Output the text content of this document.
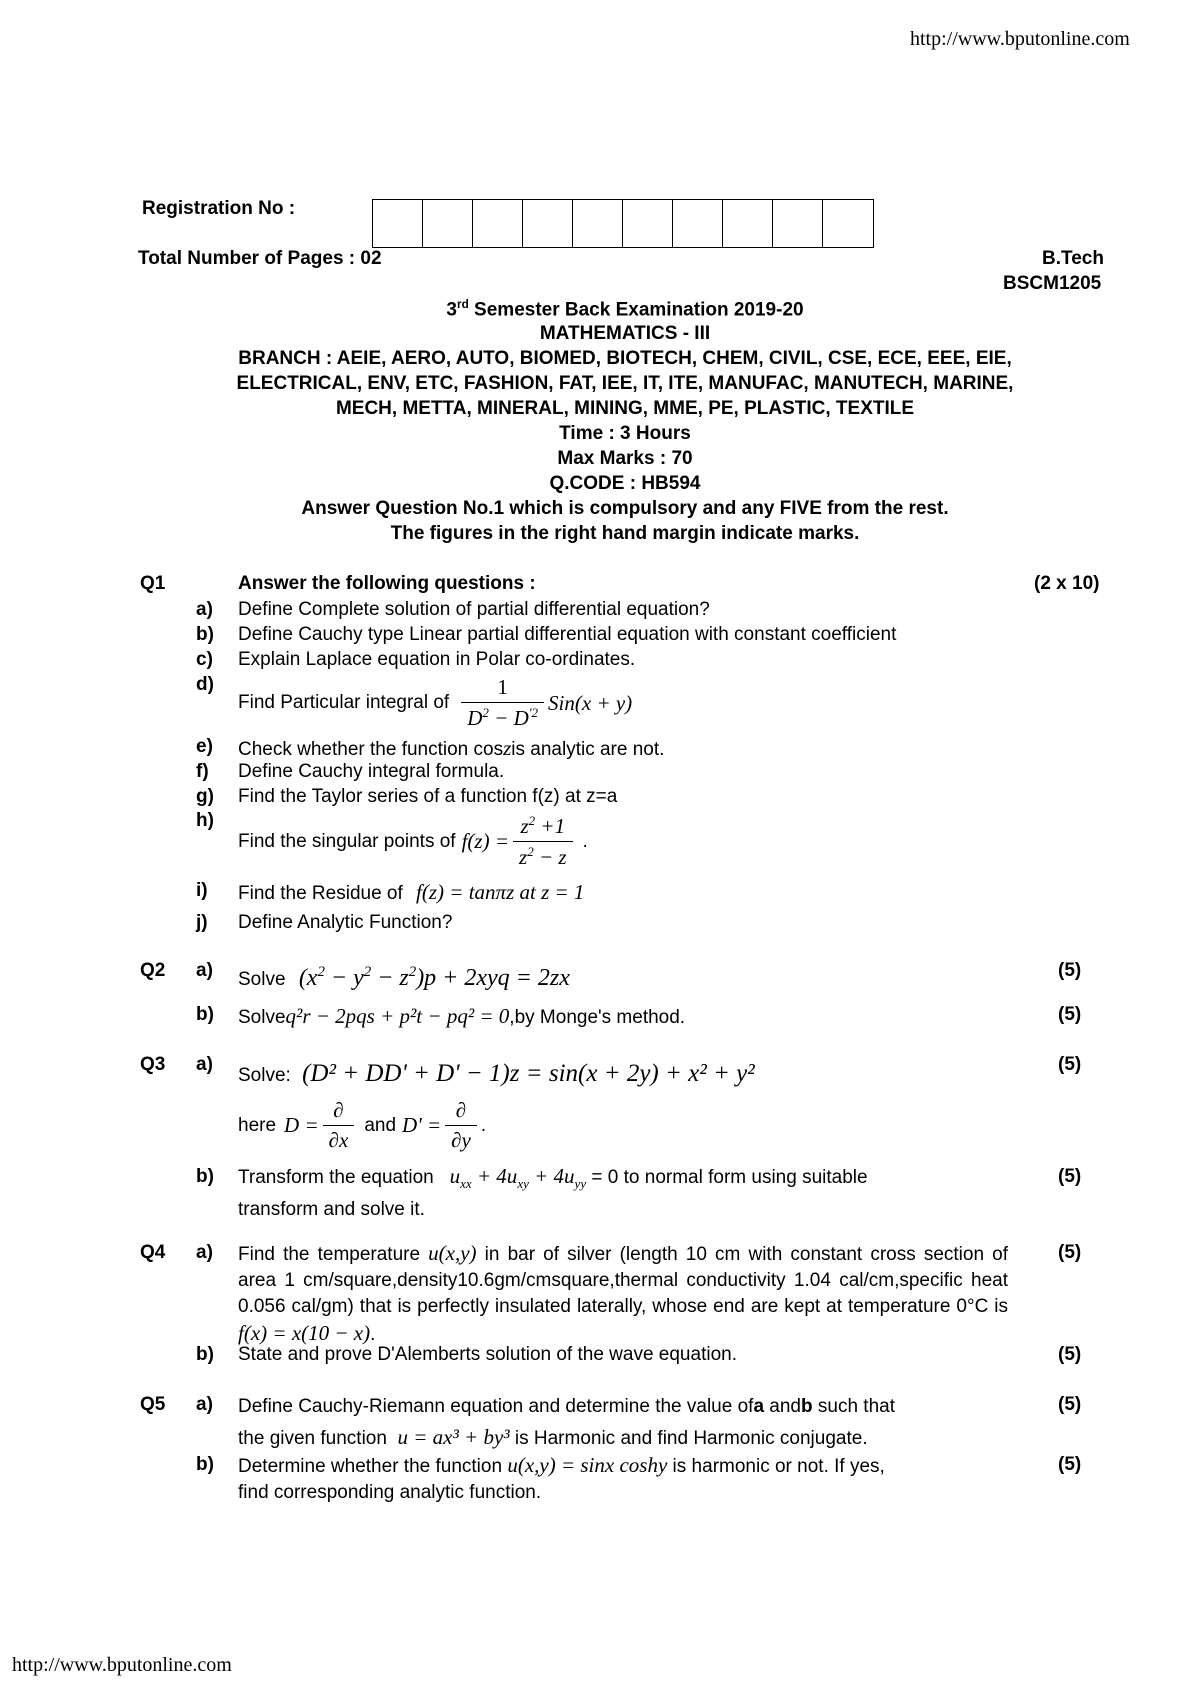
http://www.bputonline.com
Registration No :
Total Number of Pages : 02	B.Tech
BSCM1205
3rd Semester Back Examination 2019-20
MATHEMATICS - III
BRANCH : AEIE, AERO, AUTO, BIOMED, BIOTECH, CHEM, CIVIL, CSE, ECE, EEE, EIE,
ELECTRICAL, ENV, ETC, FASHION, FAT, IEE, IT, ITE, MANUFAC, MANUTECH, MARINE,
MECH, METTA, MINERAL, MINING, MME, PE, PLASTIC, TEXTILE
Time : 3 Hours
Max Marks : 70
Q.CODE : HB594
Answer Question No.1 which is compulsory and any FIVE from the rest.
The figures in the right hand margin indicate marks.
Q1	Answer the following questions :	(2 x 10)
a) Define Complete solution of partial differential equation?
b) Define Cauchy type Linear partial differential equation with constant coefficient
c) Explain Laplace equation in Polar co-ordinates.
d)
Find Particular integral of $\frac{1}{D^2 - D^{'2}} Sin(x + y)$
e) Check whether the function coszis analytic are not.
f) Define Cauchy integral formula.
g) Find the Taylor series of a function f(z) at z=a
h)
Find the singular points of $f(z) = \frac{z^2 +1}{z^2 - z}$ .
i) Find the Residue of f(z) = tanπz at z = 1
j) Define Analytic Function?
Q2 a) Solve $(x^2 - y^2 - z^2)p + 2xyq = 2zx$	(5)
b) Solveq²r − 2pqs + p²t − pq² = 0,by Monge's method.	(5)
Q3 a)
Solve: (D² + DD' + D' − 1)z = sin(x + 2y) + x² + y²	(5)
here $D = \frac{\partial}{\partial x}$ and $D' = \frac{\partial}{\partial y}$ .
b) Transform the equation $u_{xx} + 4u_{xy} + 4u_{yy} = 0$ to normal form using suitable
transform and solve it.
(5)
Q4 a) Find the temperature u(x,y) in bar of silver (length 10 cm with constant cross section of area 1 cm/square,density10.6gm/cmsquare,thermal conductivity 1.04 cal/cm,specific heat 0.056 cal/gm) that is perfectly insulated laterally, whose end are kept at temperature 0°C is f(x) = x(10 − x).
(5)
b) State and prove D'Alemberts solution of the wave equation.	(5)
Q5 a) Define Cauchy-Riemann equation and determine the value ofa andb such that
the given function u = ax³ + by³ is Harmonic and find Harmonic conjugate.
(5)
b) Determine whether the function u(x,y) = sinx coshy is harmonic or not. If yes,
find corresponding analytic function.
(5)
http://www.bputonline.com
